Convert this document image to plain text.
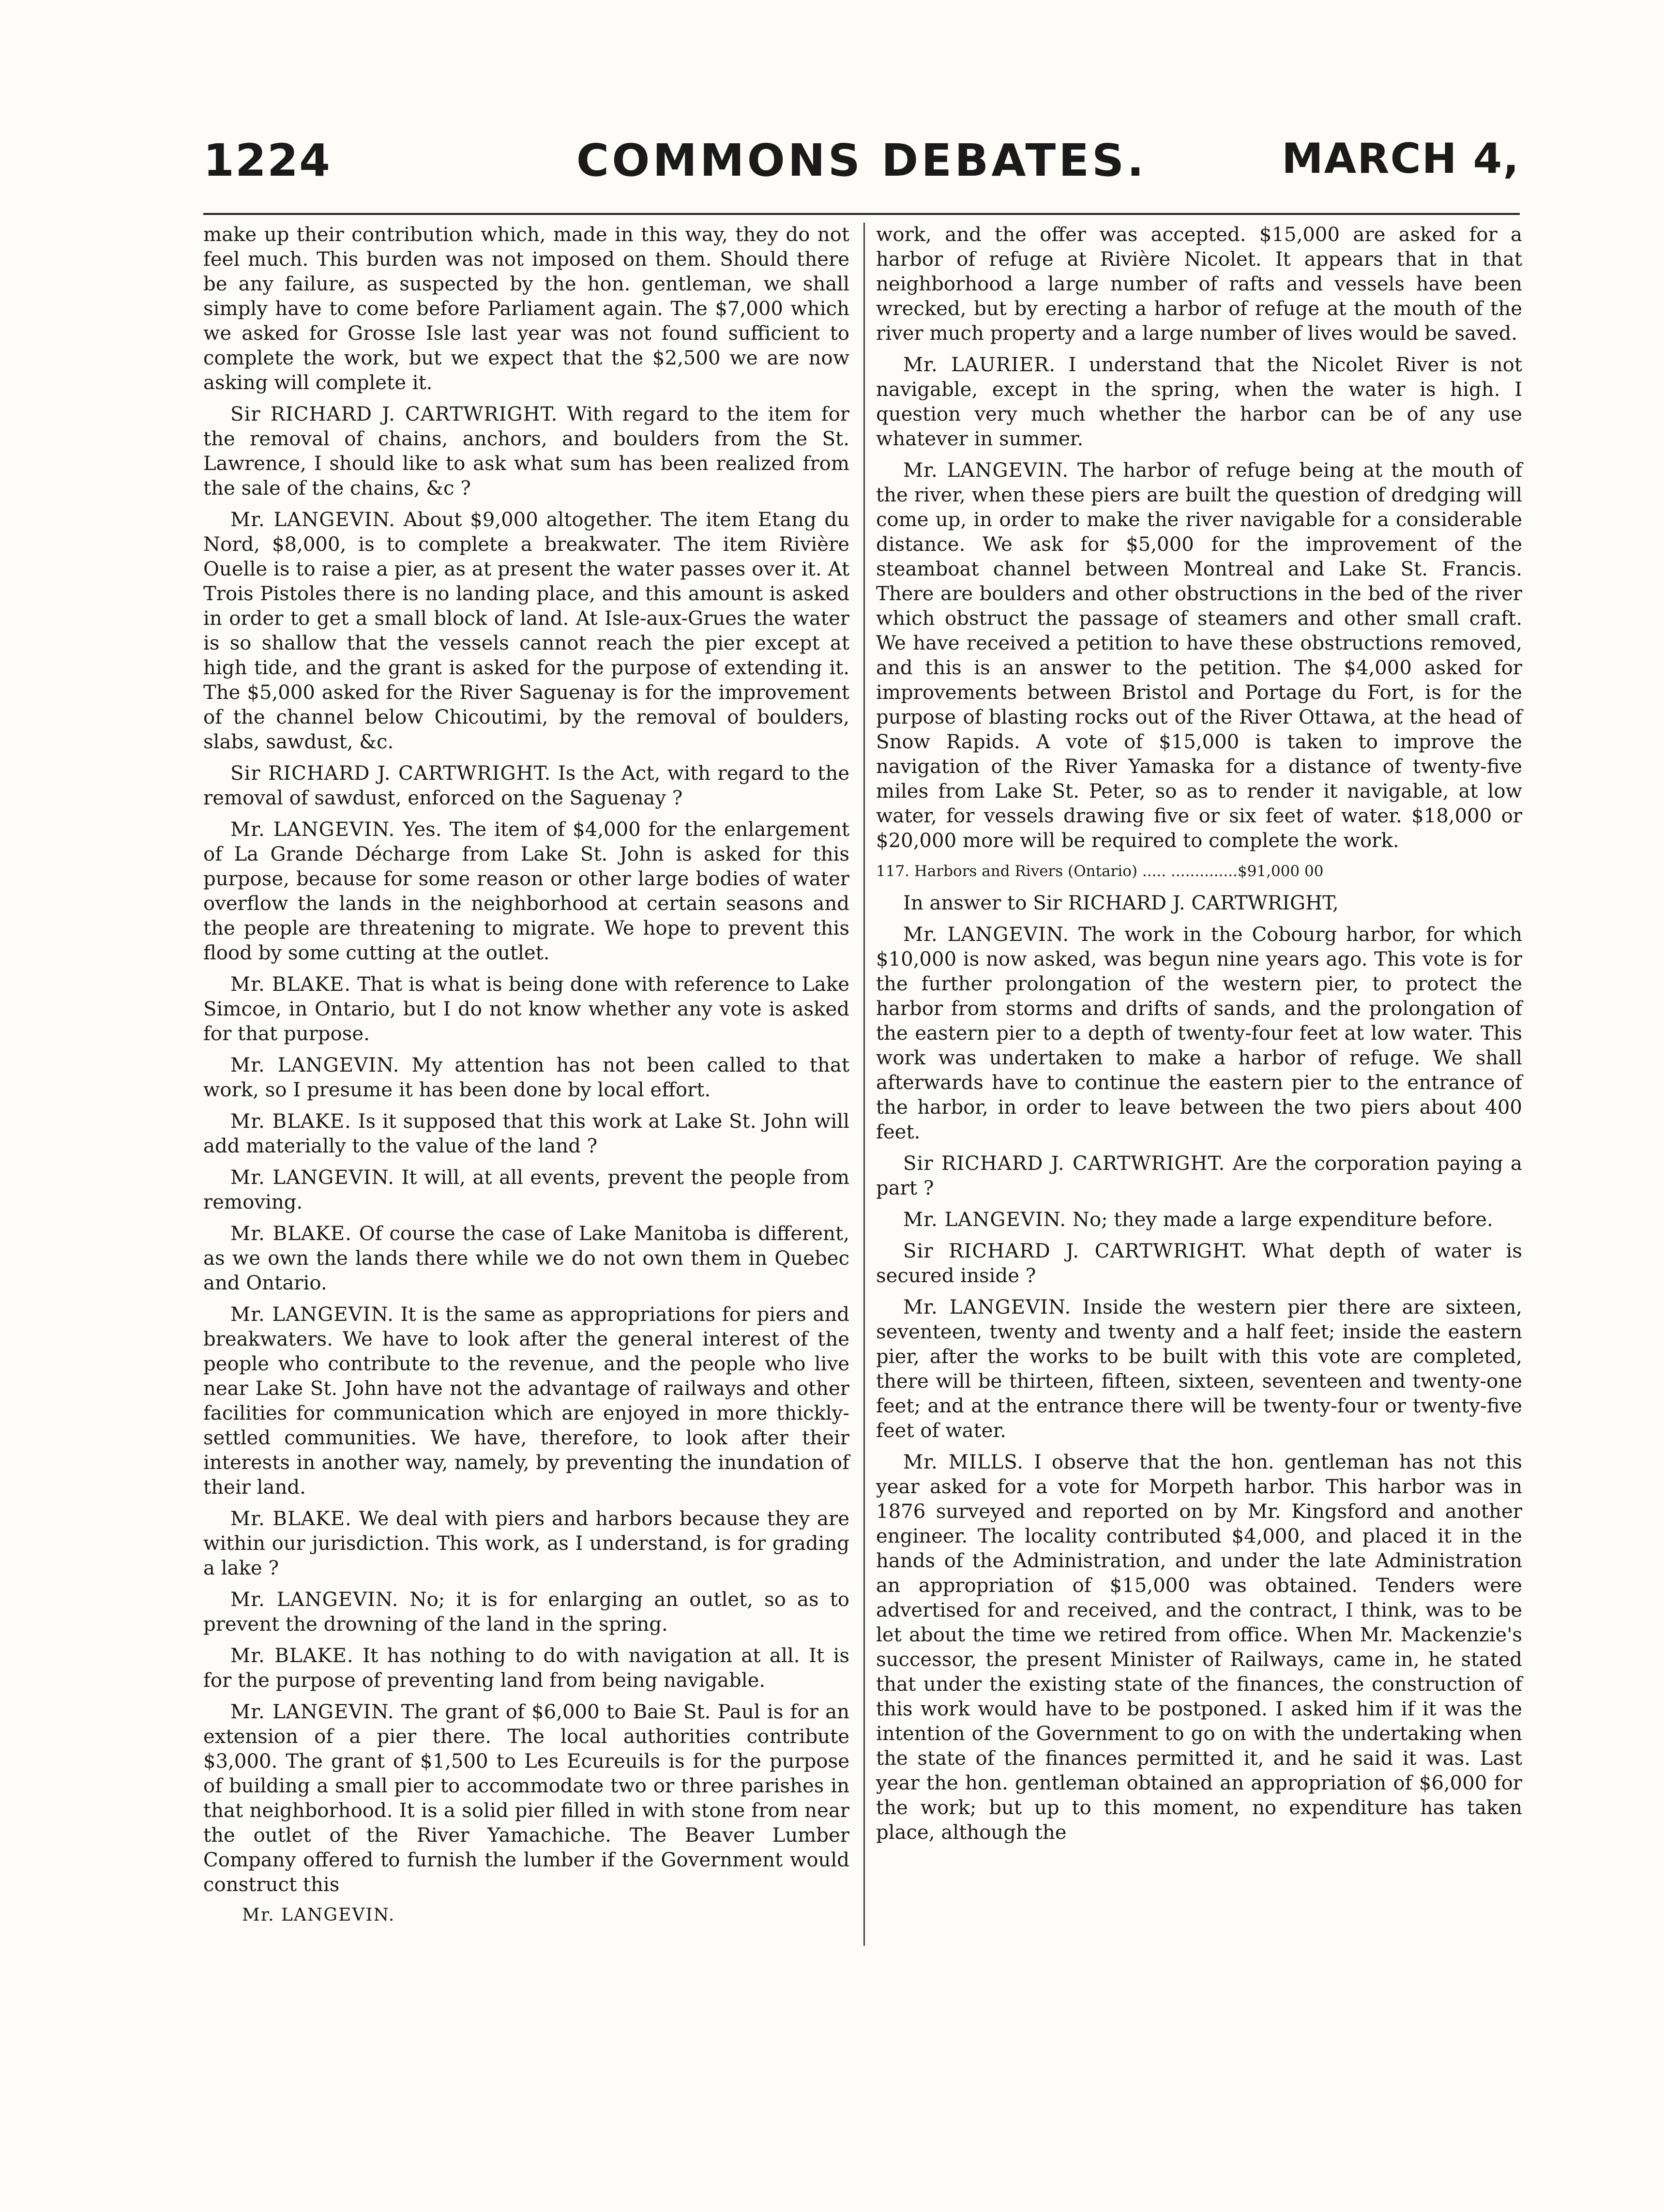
1224	COMMONS DEBATES.	MARCH 4,

make up their contribution which, made in this way, they do not feel much. This burden was not imposed on them. Should there be any failure, as suspected by the hon. gentleman, we shall simply have to come before Parliament again. The $7,000 which we asked for Grosse Isle last year was not found sufficient to complete the work, but we expect that the $2,500 we are now asking will complete it.

Sir RICHARD J. CARTWRIGHT. With regard to the item for the removal of chains, anchors, and boulders from the St. Lawrence, I should like to ask what sum has been realized from the sale of the chains, &c ?

Mr. LANGEVIN. About $9,000 altogether. The item Etang du Nord, $8,000, is to complete a breakwater. The item Rivière Ouelle is to raise a pier, as at present the water passes over it. At Trois Pistoles there is no landing place, and this amount is asked in order to get a small block of land. At Isle-aux-Grues the water is so shallow that the vessels cannot reach the pier except at high tide, and the grant is asked for the purpose of extending it. The $5,000 asked for the River Saguenay is for the improvement of the channel below Chicoutimi, by the removal of boulders, slabs, sawdust, &c.

Sir RICHARD J. CARTWRIGHT. Is the Act, with regard to the removal of sawdust, enforced on the Saguenay ?

Mr. LANGEVIN. Yes. The item of $4,000 for the enlargement of La Grande Décharge from Lake St. John is asked for this purpose, because for some reason or other large bodies of water overflow the lands in the neighborhood at certain seasons and the people are threatening to migrate. We hope to prevent this flood by some cutting at the outlet.

Mr. BLAKE. That is what is being done with reference to Lake Simcoe, in Ontario, but I do not know whether any vote is asked for that purpose.

Mr. LANGEVIN. My attention has not been called to that work, so I presume it has been done by local effort.

Mr. BLAKE. Is it supposed that this work at Lake St. John will add materially to the value of the land ?

Mr. LANGEVIN. It will, at all events, prevent the people from removing.

Mr. BLAKE. Of course the case of Lake Manitoba is different, as we own the lands there while we do not own them in Quebec and Ontario.

Mr. LANGEVIN. It is the same as appropriations for piers and breakwaters. We have to look after the general interest of the people who contribute to the revenue, and the people who live near Lake St. John have not the advantage of railways and other facilities for communication which are enjoyed in more thickly-settled communities. We have, therefore, to look after their interests in another way, namely, by preventing the inundation of their land.

Mr. BLAKE. We deal with piers and harbors because they are within our jurisdiction. This work, as I understand, is for grading a lake ?

Mr. LANGEVIN. No; it is for enlarging an outlet, so as to prevent the drowning of the land in the spring.

Mr. BLAKE. It has nothing to do with navigation at all. It is for the purpose of preventing land from being navigable.

Mr. LANGEVIN. The grant of $6,000 to Baie St. Paul is for an extension of a pier there. The local authorities contribute $3,000. The grant of $1,500 to Les Ecureuils is for the purpose of building a small pier to accommodate two or three parishes in that neighborhood. It is a solid pier filled in with stone from near the outlet of the River Yamachiche. The Beaver Lumber Company offered to furnish the lumber if the Government would construct this

Mr. LANGEVIN.

work, and the offer was accepted. $15,000 are asked for a harbor of refuge at Rivière Nicolet. It appears that in that neighborhood a large number of rafts and vessels have been wrecked, but by erecting a harbor of refuge at the mouth of the river much property and a large number of lives would be saved.

Mr. LAURIER. I understand that the Nicolet River is not navigable, except in the spring, when the water is high. I question very much whether the harbor can be of any use whatever in summer.

Mr. LANGEVIN. The harbor of refuge being at the mouth of the river, when these piers are built the question of dredging will come up, in order to make the river navigable for a considerable distance. We ask for $5,000 for the improvement of the steamboat channel between Montreal and Lake St. Francis. There are boulders and other obstructions in the bed of the river which obstruct the passage of steamers and other small craft. We have received a petition to have these obstructions removed, and this is an answer to the petition. The $4,000 asked for improvements between Bristol and Portage du Fort, is for the purpose of blasting rocks out of the River Ottawa, at the head of Snow Rapids. A vote of $15,000 is taken to improve the navigation of the River Yamaska for a distance of twenty-five miles from Lake St. Peter, so as to render it navigable, at low water, for vessels drawing five or six feet of water. $18,000 or $20,000 more will be required to complete the work.

117. Harbors and Rivers (Ontario) ..... ..............$91,000 00

In answer to Sir RICHARD J. CARTWRIGHT,

Mr. LANGEVIN. The work in the Cobourg harbor, for which $10,000 is now asked, was begun nine years ago. This vote is for the further prolongation of the western pier, to protect the harbor from storms and drifts of sands, and the prolongation of the eastern pier to a depth of twenty-four feet at low water. This work was undertaken to make a harbor of refuge. We shall afterwards have to continue the eastern pier to the entrance of the harbor, in order to leave between the two piers about 400 feet.

Sir RICHARD J. CARTWRIGHT. Are the corporation paying a part ?

Mr. LANGEVIN. No; they made a large expenditure before.

Sir RICHARD J. CARTWRIGHT. What depth of water is secured inside ?

Mr. LANGEVIN. Inside the western pier there are sixteen, seventeen, twenty and twenty and a half feet; inside the eastern pier, after the works to be built with this vote are completed, there will be thirteen, fifteen, sixteen, seventeen and twenty-one feet; and at the entrance there will be twenty-four or twenty-five feet of water.

Mr. MILLS. I observe that the hon. gentleman has not this year asked for a vote for Morpeth harbor. This harbor was in 1876 surveyed and reported on by Mr. Kingsford and another engineer. The locality contributed $4,000, and placed it in the hands of the Administration, and under the late Administration an appropriation of $15,000 was obtained. Tenders were advertised for and received, and the contract, I think, was to be let about the time we retired from office. When Mr. Mackenzie's successor, the present Minister of Railways, came in, he stated that under the existing state of the finances, the construction of this work would have to be postponed. I asked him if it was the intention of the Government to go on with the undertaking when the state of the finances permitted it, and he said it was. Last year the hon. gentleman obtained an appropriation of $6,000 for the work; but up to this moment, no expenditure has taken place, although the
